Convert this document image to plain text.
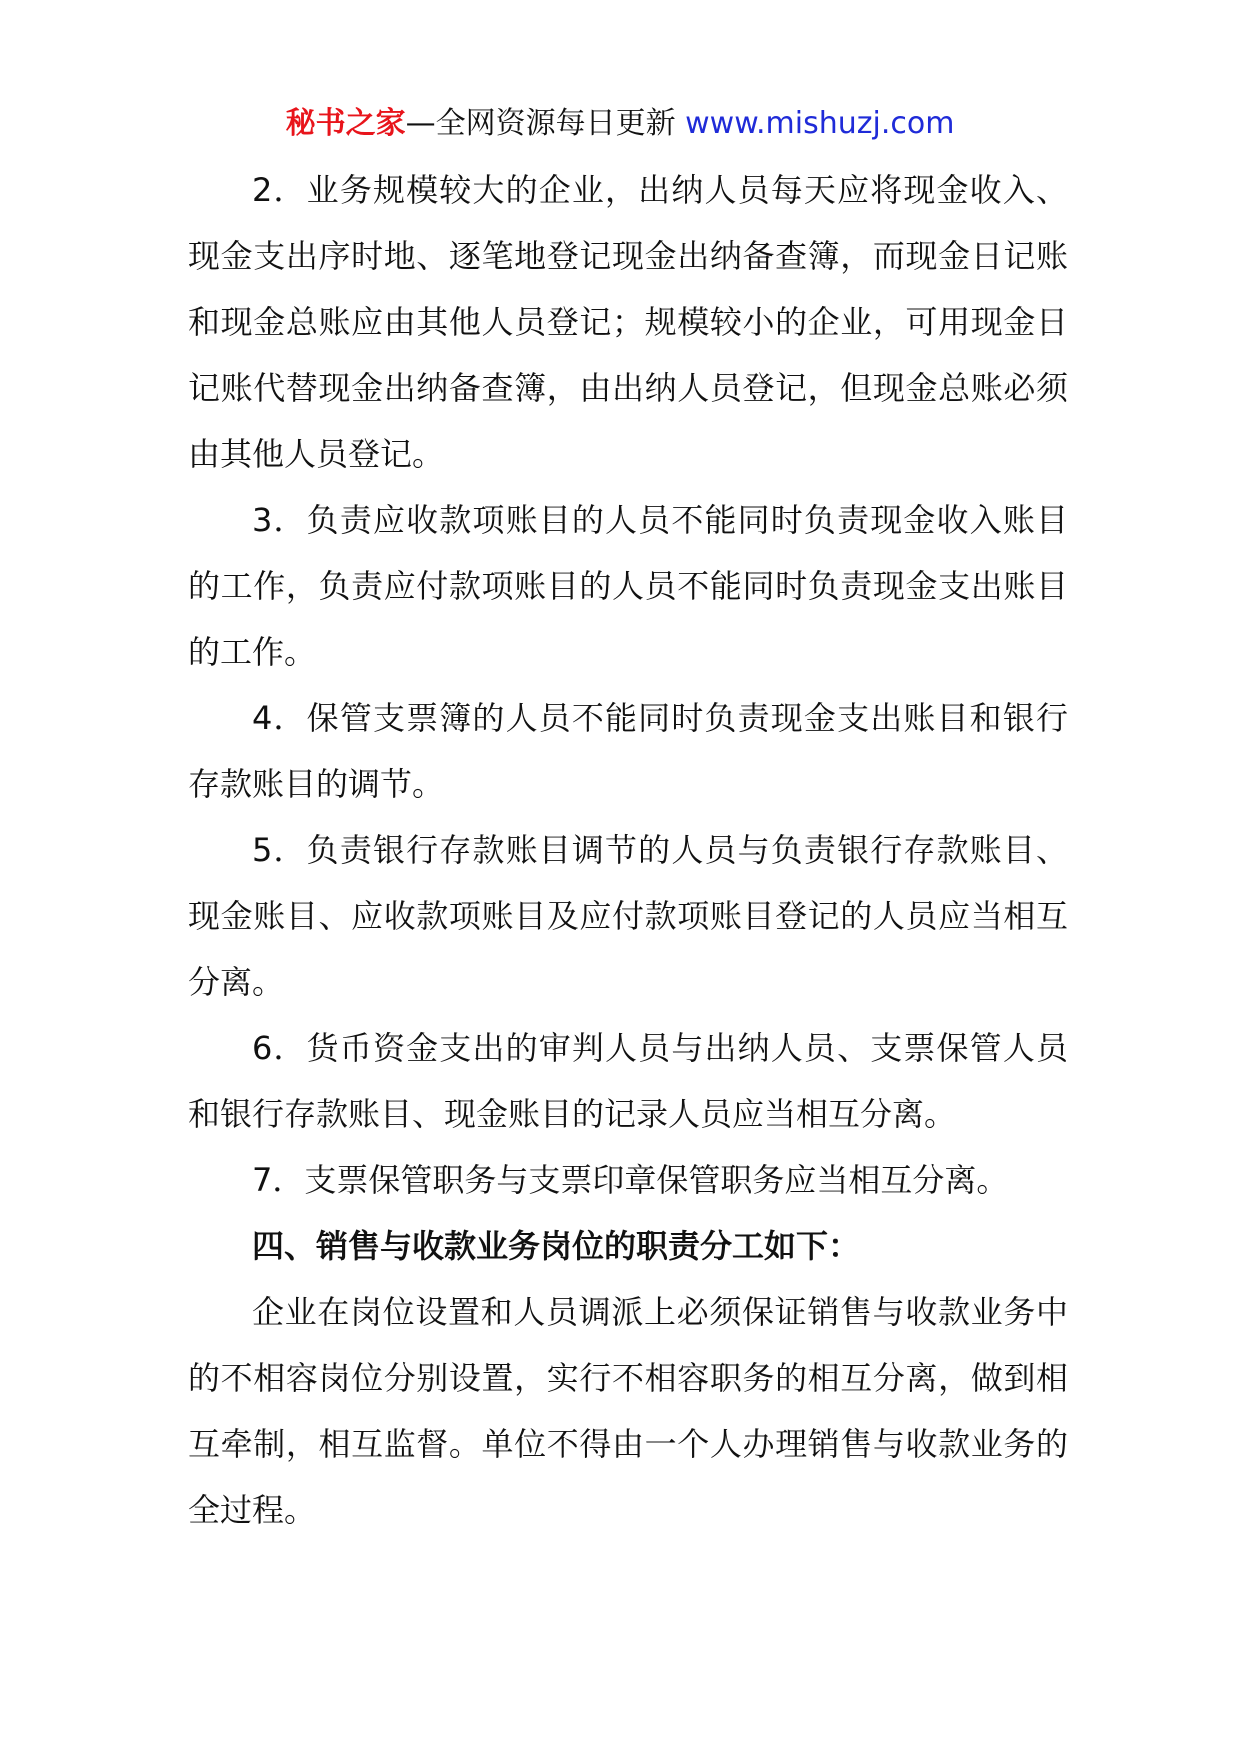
秘书之家—全网资源每日更新 www.mishuzj.com

2．业务规模较大的企业，出纳人员每天应将现金收入、现金支出序时地、逐笔地登记现金出纳备查簿，而现金日记账和现金总账应由其他人员登记；规模较小的企业，可用现金日记账代替现金出纳备查簿，由出纳人员登记，但现金总账必须由其他人员登记。

3．负责应收款项账目的人员不能同时负责现金收入账目的工作，负责应付款项账目的人员不能同时负责现金支出账目的工作。

4．保管支票簿的人员不能同时负责现金支出账目和银行存款账目的调节。

5．负责银行存款账目调节的人员与负责银行存款账目、现金账目、应收款项账目及应付款项账目登记的人员应当相互分离。

6．货币资金支出的审判人员与出纳人员、支票保管人员和银行存款账目、现金账目的记录人员应当相互分离。

7．支票保管职务与支票印章保管职务应当相互分离。

四、销售与收款业务岗位的职责分工如下：

企业在岗位设置和人员调派上必须保证销售与收款业务中的不相容岗位分别设置，实行不相容职务的相互分离，做到相互牵制，相互监督。单位不得由一个人办理销售与收款业务的全过程。
